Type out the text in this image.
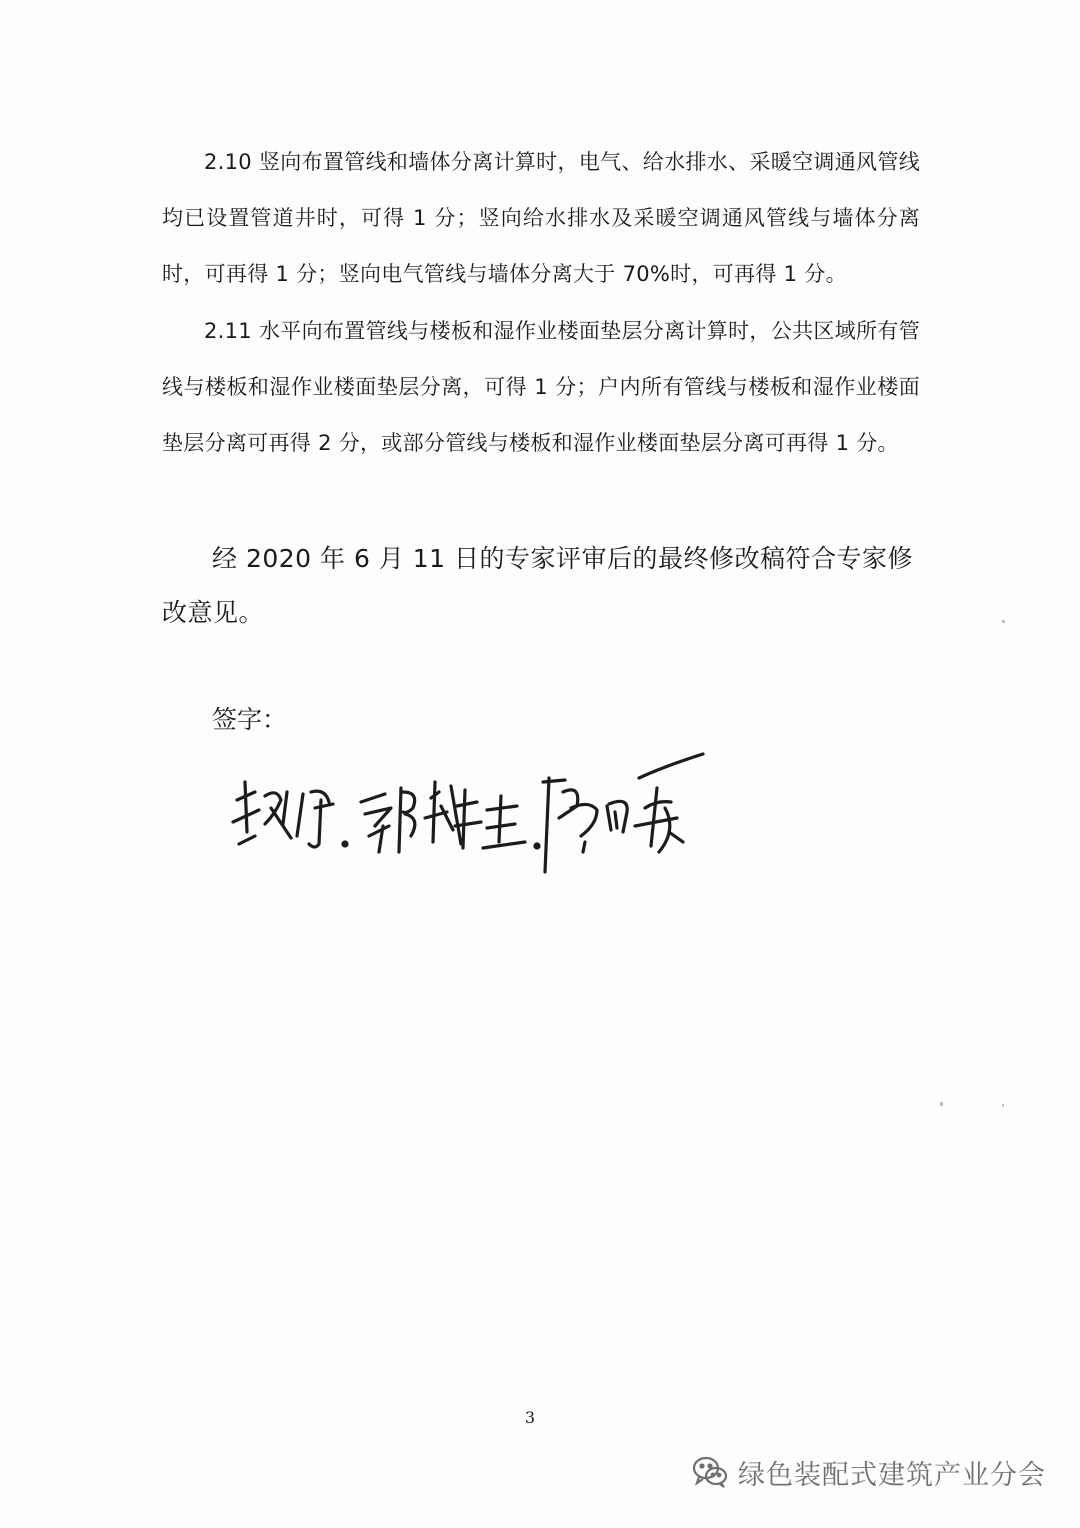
2.10 竖向布置管线和墙体分离计算时，电气、给水排水、采暖空调通风管线均已设置管道井时，可得 1 分；竖向给水排水及采暖空调通风管线与墙体分离时，可再得 1 分；竖向电气管线与墙体分离大于 70%时，可再得 1 分。
2.11 水平向布置管线与楼板和湿作业楼面垫层分离计算时，公共区域所有管线与楼板和湿作业楼面垫层分离，可得 1 分；户内所有管线与楼板和湿作业楼面垫层分离可再得 2 分，或部分管线与楼板和湿作业楼面垫层分离可再得 1 分。
经 2020 年 6 月 11 日的专家评审后的最终修改稿符合专家修改意见。
签字：
3
绿色装配式建筑产业分会
